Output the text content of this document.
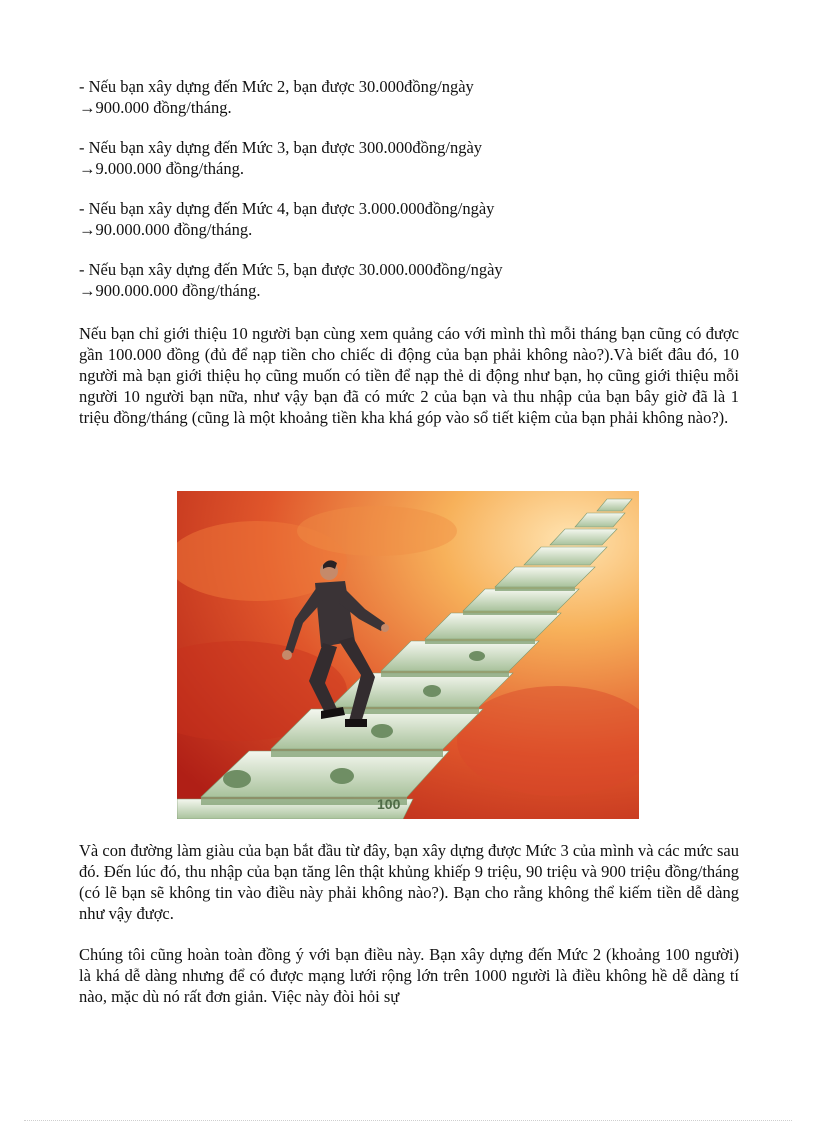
- Nếu bạn xây dựng đến Mức 2, bạn được 30.000đồng/ngày
→900.000 đồng/tháng.

- Nếu bạn xây dựng đến Mức 3, bạn được 300.000đồng/ngày
→9.000.000 đồng/tháng.

- Nếu bạn xây dựng đến Mức 4, bạn được 3.000.000đồng/ngày
→90.000.000 đồng/tháng.

- Nếu bạn xây dựng đến Mức 5, bạn được 30.000.000đồng/ngày
→900.000.000 đồng/tháng.

Nếu bạn chỉ giới thiệu 10 người bạn cùng xem quảng cáo với mình thì mỗi tháng bạn cũng có được gần 100.000 đồng (đủ để nạp tiền cho chiếc di động của bạn phải không nào?).Và biết đâu đó, 10 người mà bạn giới thiệu họ cũng muốn có tiền để nạp thẻ di động như bạn, họ cũng giới thiệu mỗi người 10 người bạn nữa, như vậy bạn đã có mức 2 của bạn và thu nhập của bạn bây giờ đã là 1 triệu đồng/tháng (cũng là một khoảng tiền kha khá góp vào sổ tiết kiệm của bạn phải không nào?).

100

Và con đường làm giàu của bạn bắt đầu từ đây, bạn xây dựng được Mức 3 của mình và các mức sau đó. Đến lúc đó, thu nhập của bạn tăng lên thật khủng khiếp 9 triệu, 90 triệu và 900 triệu đồng/tháng (có lẽ bạn sẽ không tin vào điều này phải không nào?). Bạn cho rằng không thể kiếm tiền dễ dàng như vậy được.

Chúng tôi cũng hoàn toàn đồng ý với bạn điều này. Bạn xây dựng đến Mức 2 (khoảng 100 người) là khá dễ dàng nhưng để có được mạng lưới rộng lớn trên 1000 người là điều không hề dễ dàng tí nào, mặc dù nó rất đơn giản. Việc này đòi hỏi sự
